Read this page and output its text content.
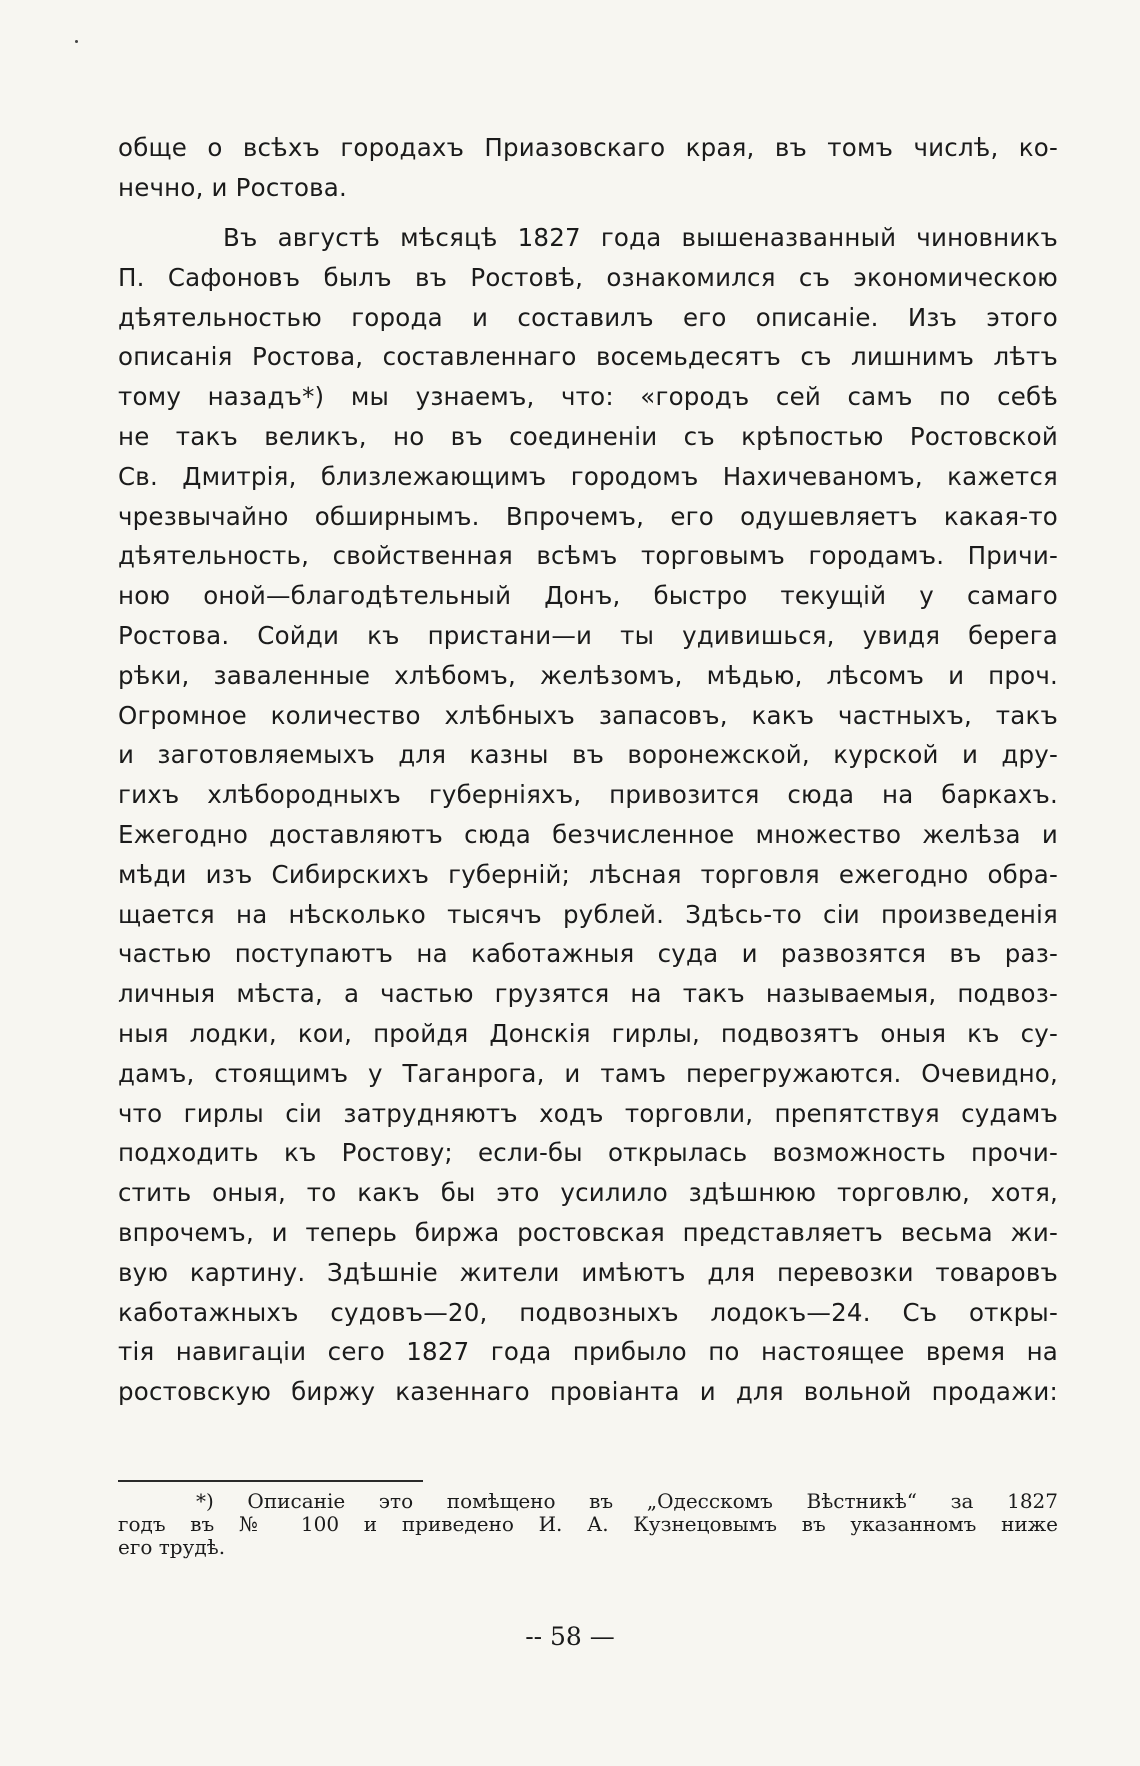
обще о всѣхъ городахъ Приазовскаго края, въ томъ числѣ, ко-
нечно, и Ростова.
Въ августѣ мѣсяцѣ 1827 года вышеназванный чиновникъ
П. Сафоновъ былъ въ Ростовѣ, ознакомился съ экономическою
дѣятельностью города и составилъ его описаніе. Изъ этого
описанія Ростова, составленнаго восемьдесятъ съ лишнимъ лѣтъ
тому назадъ*) мы узнаемъ, что: «городъ сей самъ по себѣ
не такъ великъ, но въ соединеніи съ крѣпостью Ростовской
Св. Дмитрія, близлежающимъ городомъ Нахичеваномъ, кажется
чрезвычайно обширнымъ. Впрочемъ, его одушевляетъ какая-то
дѣятельность, свойственная всѣмъ торговымъ городамъ. Причи-
ною оной—благодѣтельный Донъ, быстро текущій у самаго
Ростова. Сойди къ пристани—и ты удивишься, увидя берега
рѣки, заваленные хлѣбомъ, желѣзомъ, мѣдью, лѣсомъ и проч.
Огромное количество хлѣбныхъ запасовъ, какъ частныхъ, такъ
и заготовляемыхъ для казны въ воронежской, курской и дру-
гихъ хлѣбородныхъ губерніяхъ, привозится сюда на баркахъ.
Ежегодно доставляютъ сюда безчисленное множество желѣза и
мѣди изъ Сибирскихъ губерній; лѣсная торговля ежегодно обра-
щается на нѣсколько тысячъ рублей. Здѣсь-то сіи произведенія
частью поступаютъ на каботажныя суда и развозятся въ раз-
личныя мѣста, а частью грузятся на такъ называемыя, подвоз-
ныя лодки, кои, пройдя Донскія гирлы, подвозятъ оныя къ су-
дамъ, стоящимъ у Таганрога, и тамъ перегружаются. Очевидно,
что гирлы сіи затрудняютъ ходъ торговли, препятствуя судамъ
подходить къ Ростову; если-бы открылась возможность прочи-
стить оныя, то какъ бы это усилило здѣшнюю торговлю, хотя,
впрочемъ, и теперь биржа ростовская представляетъ весьма жи-
вую картину. Здѣшніе жители имѣютъ для перевозки товаровъ
каботажныхъ судовъ—20, подвозныхъ лодокъ—24. Съ откры-
тія навигаціи сего 1827 года прибыло по настоящее время на
ростовскую биржу казеннаго провіанта и для вольной продажи:
*) Описаніе это помѣщено въ „Одесскомъ Вѣстникѣ“ за 1827
годъ въ № 100 и приведено И. А. Кузнецовымъ въ указанномъ ниже
его трудѣ.
-- 58 —
